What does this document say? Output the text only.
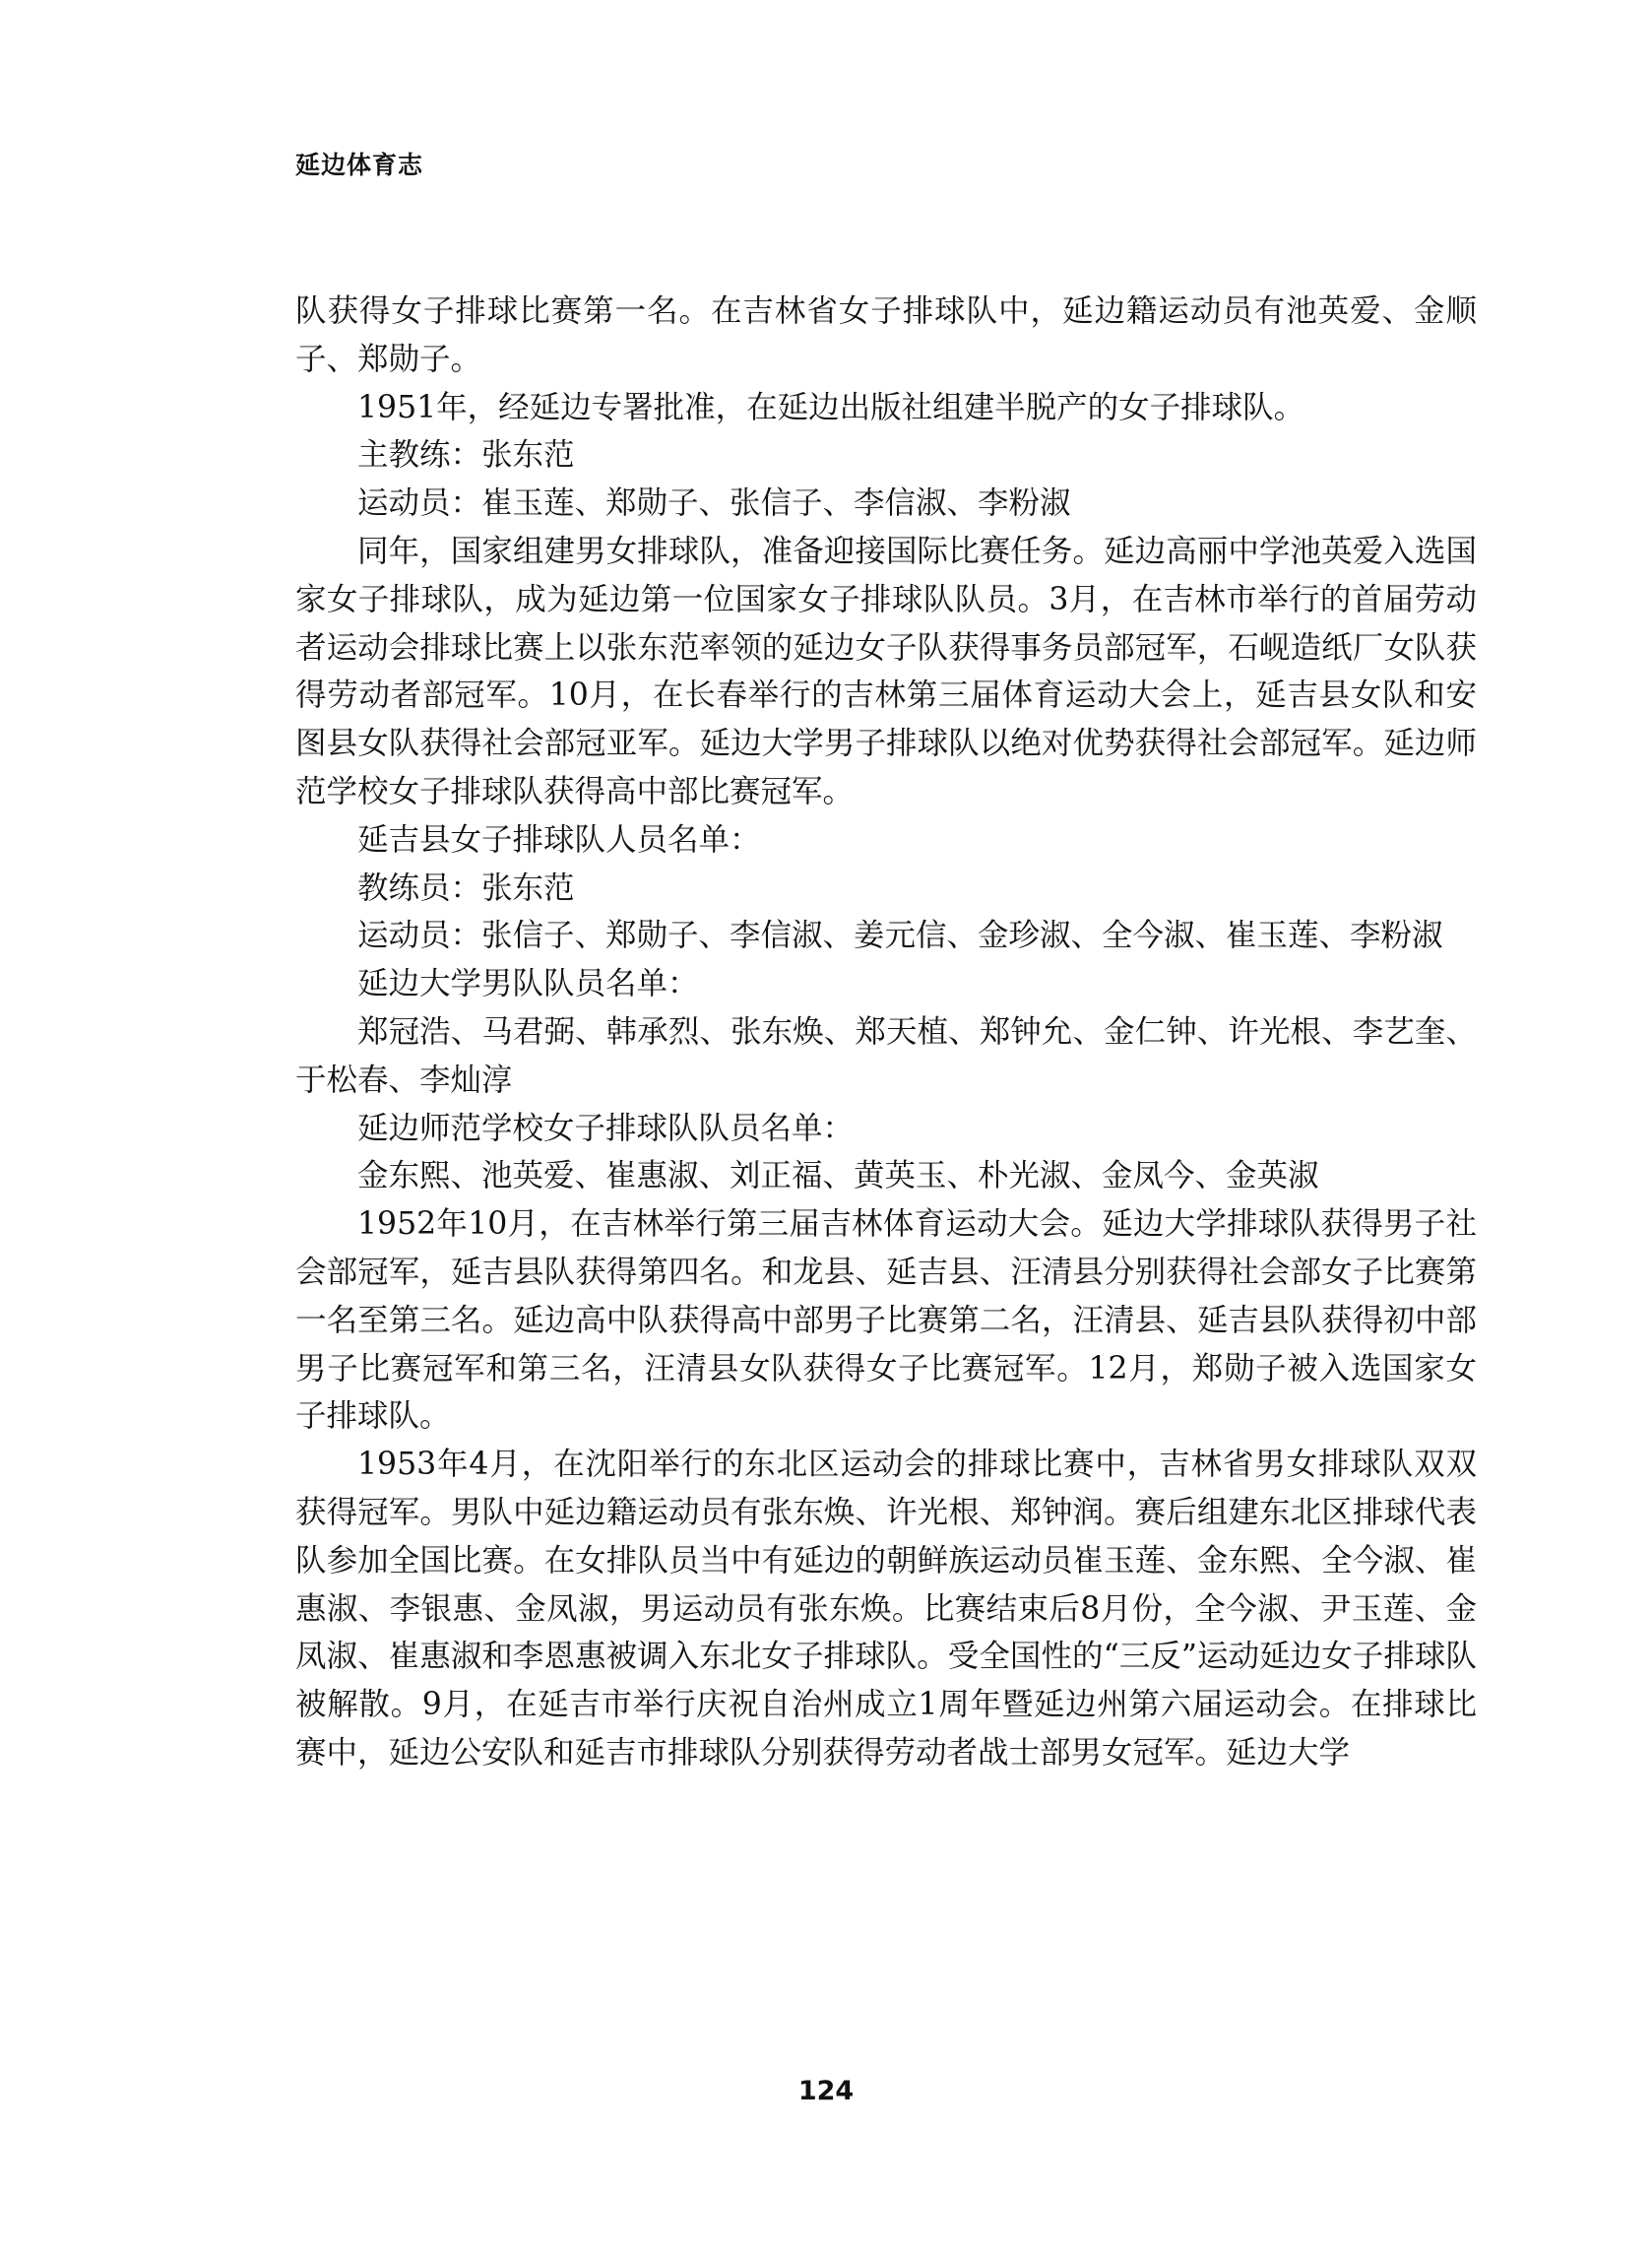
延边体育志

队获得女子排球比赛第一名。在吉林省女子排球队中，延边籍运动员有池英爱、金顺子、郑勋子。

1951年，经延边专署批准，在延边出版社组建半脱产的女子排球队。

主教练：张东范

运动员：崔玉莲、郑勋子、张信子、李信淑、李粉淑

同年，国家组建男女排球队，准备迎接国际比赛任务。延边高丽中学池英爱入选国家女子排球队，成为延边第一位国家女子排球队队员。3月，在吉林市举行的首届劳动者运动会排球比赛上以张东范率领的延边女子队获得事务员部冠军，石岘造纸厂女队获得劳动者部冠军。10月，在长春举行的吉林第三届体育运动大会上，延吉县女队和安图县女队获得社会部冠亚军。延边大学男子排球队以绝对优势获得社会部冠军。延边师范学校女子排球队获得高中部比赛冠军。

延吉县女子排球队人员名单：

教练员：张东范

运动员：张信子、郑勋子、李信淑、姜元信、金珍淑、全今淑、崔玉莲、李粉淑

延边大学男队队员名单：

郑冠浩、马君弼、韩承烈、张东焕、郑天植、郑钟允、金仁钟、许光根、李艺奎、于松春、李灿淳

延边师范学校女子排球队队员名单：

金东熙、池英爱、崔惠淑、刘正福、黄英玉、朴光淑、金凤今、金英淑

1952年10月，在吉林举行第三届吉林体育运动大会。延边大学排球队获得男子社会部冠军，延吉县队获得第四名。和龙县、延吉县、汪清县分别获得社会部女子比赛第一名至第三名。延边高中队获得高中部男子比赛第二名，汪清县、延吉县队获得初中部男子比赛冠军和第三名，汪清县女队获得女子比赛冠军。12月，郑勋子被入选国家女子排球队。

1953年4月，在沈阳举行的东北区运动会的排球比赛中，吉林省男女排球队双双获得冠军。男队中延边籍运动员有张东焕、许光根、郑钟润。赛后组建东北区排球代表队参加全国比赛。在女排队员当中有延边的朝鲜族运动员崔玉莲、金东熙、全今淑、崔惠淑、李银惠、金凤淑，男运动员有张东焕。比赛结束后8月份，全今淑、尹玉莲、金凤淑、崔惠淑和李恩惠被调入东北女子排球队。受全国性的“三反”运动延边女子排球队被解散。9月，在延吉市举行庆祝自治州成立1周年暨延边州第六届运动会。在排球比赛中，延边公安队和延吉市排球队分别获得劳动者战士部男女冠军。延边大学

124
